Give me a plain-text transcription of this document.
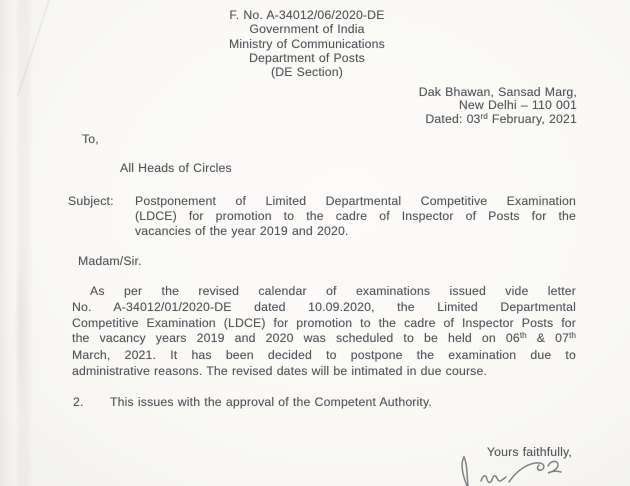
F. No. A-34012/06/2020-DE
Government of India
Ministry of Communications
Department of Posts
(DE Section)
Dak Bhawan, Sansad Marg,
New Delhi – 110 001
Dated: 03rd February, 2021
To,
All Heads of Circles
Subject:	Postponement of Limited Departmental Competitive Examination
(LDCE) for promotion to the cadre of Inspector of Posts for the
vacancies of the year 2019 and 2020.
Madam/Sir.
As per the revised calendar of examinations issued vide letter
No. A-34012/01/2020-DE dated 10.09.2020, the Limited Departmental
Competitive Examination (LDCE) for promotion to the cadre of Inspector Posts for
the vacancy years 2019 and 2020 was scheduled to be held on 06th & 07th
March, 2021. It has been decided to postpone the examination due to
administrative reasons. The revised dates will be intimated in due course.
2.	This issues with the approval of the Competent Authority.
Yours faithfully,
